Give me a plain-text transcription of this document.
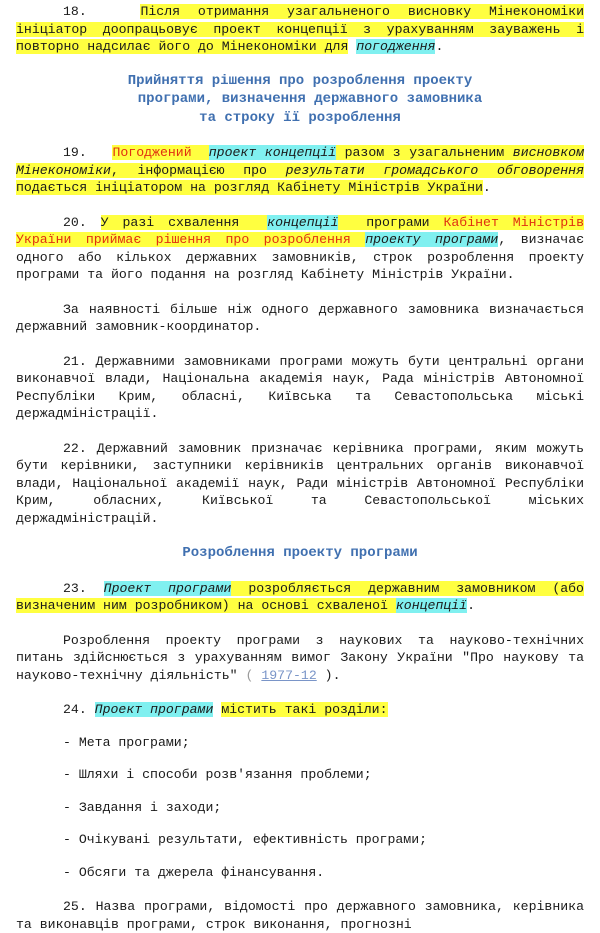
18.	Після отримання узагальненого висновку Мінекономіки ініціатор доопрацьовує проект концепції з урахуванням зауважень і повторно надсилає його до Мінекономіки для погодження.

Прийняття рішення про розроблення проекту

програми, визначення державного замовника

та строку її розроблення

19. Погоджений проект концепції разом з узагальненим висновком Мінекономіки, інформацією про результати громадського обговорення подається ініціатором на розгляд Кабінету Міністрів України.

20. У разі схвалення концепції програми Кабінет Міністрів України приймає рішення про розроблення проекту програми, визначає одного або кількох державних замовників, строк розроблення проекту програми та його подання на розгляд Кабінету Міністрів України.

За наявності більше ніж одного державного замовника визначається державний замовник-координатор.

21. Державними замовниками програми можуть бути центральні органи виконавчої влади, Національна академія наук, Рада міністрів Автономної Республіки Крим, обласні, Київська та Севастопольська міські держадміністрації.

22. Державний замовник призначає керівника програми, яким можуть бути керівники, заступники керівників центральних органів виконавчої влади, Національної академії наук, Ради міністрів Автономної Республіки Крим, обласних, Київської та Севастопольської міських держадміністрацій.

Розроблення проекту програми

23. Проект програми розробляється державним замовником (або визначеним ним розробником) на основі схваленої концепції.

Розроблення проекту програми з наукових та науково-технічних питань здійснюється з урахуванням вимог Закону України "Про наукову та науково-технічну діяльність" ( 1977-12 ).

24. Проект програми містить такі розділи:

- Мета програми;

- Шляхи і способи розв'язання проблеми;

- Завдання і заходи;

- Очікувані результати, ефективність програми;

- Обсяги та джерела фінансування.

25. Назва програми, відомості про державного замовника, керівника та виконавців програми, строк виконання, прогнозні
